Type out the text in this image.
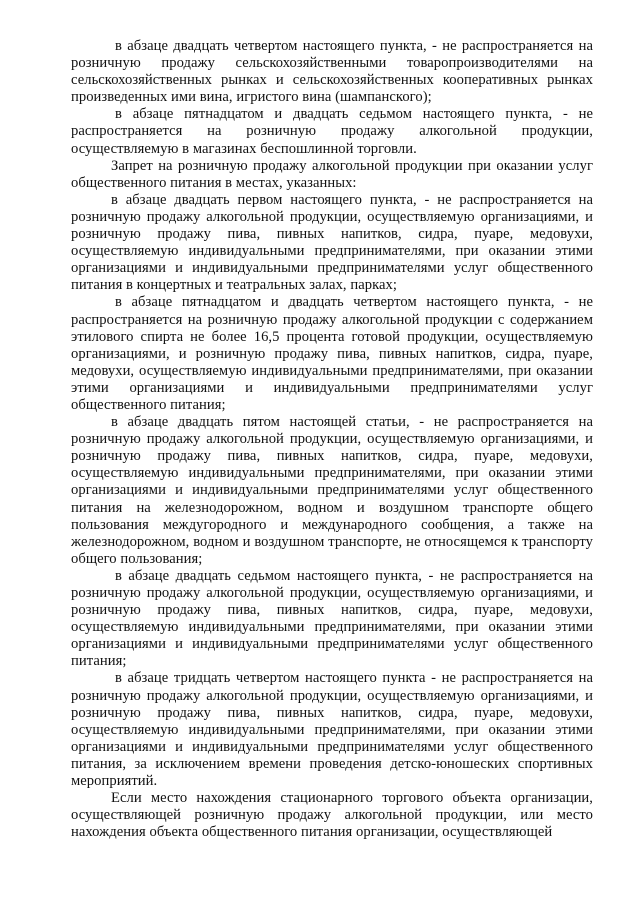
в абзаце двадцать четвертом настоящего пункта, - не распространяется на розничную продажу сельскохозяйственными товаропроизводителями на сельскохозяйственных рынках и сельскохозяйственных кооперативных рынках произведенных ими вина, игристого вина (шампанского);

в абзаце пятнадцатом и двадцать седьмом настоящего пункта, - не распространяется на розничную продажу алкогольной продукции, осуществляемую в магазинах беспошлинной торговли.

Запрет на розничную продажу алкогольной продукции при оказании услуг общественного питания в местах, указанных:

в абзаце двадцать первом настоящего пункта, - не распространяется на розничную продажу алкогольной продукции, осуществляемую организациями, и розничную продажу пива, пивных напитков, сидра, пуаре, медовухи, осуществляемую индивидуальными предпринимателями, при оказании этими организациями и индивидуальными предпринимателями услуг общественного питания в концертных и театральных залах, парках;

в абзаце пятнадцатом и двадцать четвертом настоящего пункта, - не распространяется на розничную продажу алкогольной продукции с содержанием этилового спирта не более 16,5 процента готовой продукции, осуществляемую организациями, и розничную продажу пива, пивных напитков, сидра, пуаре, медовухи, осуществляемую индивидуальными предпринимателями, при оказании этими организациями и индивидуальными предпринимателями услуг общественного питания;

в абзаце двадцать пятом настоящей статьи, - не распространяется на розничную продажу алкогольной продукции, осуществляемую организациями, и розничную продажу пива, пивных напитков, сидра, пуаре, медовухи, осуществляемую индивидуальными предпринимателями, при оказании этими организациями и индивидуальными предпринимателями услуг общественного питания на железнодорожном, водном и воздушном транспорте общего пользования междугородного и международного сообщения, а также на железнодорожном, водном и воздушном транспорте, не относящемся к транспорту общего пользования;

в абзаце двадцать седьмом настоящего пункта, - не распространяется на розничную продажу алкогольной продукции, осуществляемую организациями, и розничную продажу пива, пивных напитков, сидра, пуаре, медовухи, осуществляемую индивидуальными предпринимателями, при оказании этими организациями и индивидуальными предпринимателями услуг общественного питания;

в абзаце тридцать четвертом настоящего пункта - не распространяется на розничную продажу алкогольной продукции, осуществляемую организациями, и розничную продажу пива, пивных напитков, сидра, пуаре, медовухи, осуществляемую индивидуальными предпринимателями, при оказании этими организациями и индивидуальными предпринимателями услуг общественного питания, за исключением времени проведения детско-юношеских спортивных мероприятий.

Если место нахождения стационарного торгового объекта организации, осуществляющей розничную продажу алкогольной продукции, или место нахождения объекта общественного питания организации, осуществляющей
